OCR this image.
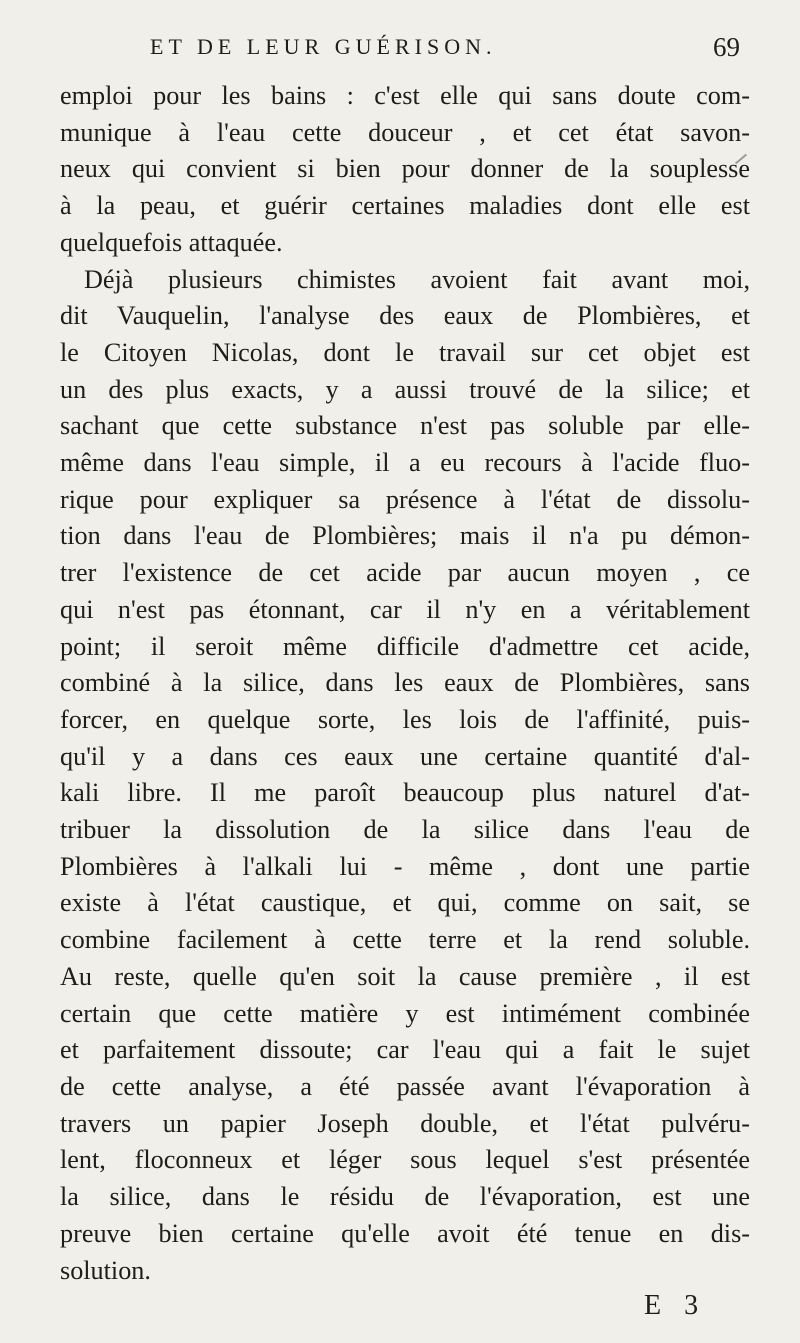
ET DE LEUR GUÉRISON.	69
emploi pour les bains : c'est elle qui sans doute com-
munique à l'eau cette douceur , et cet état savon-
neux qui convient si bien pour donner de la souplesse
à la peau, et guérir certaines maladies dont elle est
quelquefois attaquée.
Déjà plusieurs chimistes avoient fait avant moi,
dit Vauquelin, l'analyse des eaux de Plombières, et
le Citoyen Nicolas, dont le travail sur cet objet est
un des plus exacts, y a aussi trouvé de la silice; et
sachant que cette substance n'est pas soluble par elle-
même dans l'eau simple, il a eu recours à l'acide fluo-
rique pour expliquer sa présence à l'état de dissolu-
tion dans l'eau de Plombières; mais il n'a pu démon-
trer l'existence de cet acide par aucun moyen , ce
qui n'est pas étonnant, car il n'y en a véritablement
point; il seroit même difficile d'admettre cet acide,
combiné à la silice, dans les eaux de Plombières, sans
forcer, en quelque sorte, les lois de l'affinité, puis-
qu'il y a dans ces eaux une certaine quantité d'al-
kali libre. Il me paroît beaucoup plus naturel d'at-
tribuer la dissolution de la silice dans l'eau de
Plombières à l'alkali lui - même , dont une partie
existe à l'état caustique, et qui, comme on sait, se
combine facilement à cette terre et la rend soluble.
Au reste, quelle qu'en soit la cause première , il est
certain que cette matière y est intimément combinée
et parfaitement dissoute; car l'eau qui a fait le sujet
de cette analyse, a été passée avant l'évaporation à
travers un papier Joseph double, et l'état pulvéru-
lent, floconneux et léger sous lequel s'est présentée
la silice, dans le résidu de l'évaporation, est une
preuve bien certaine qu'elle avoit été tenue en dis-
solution.
E 3
